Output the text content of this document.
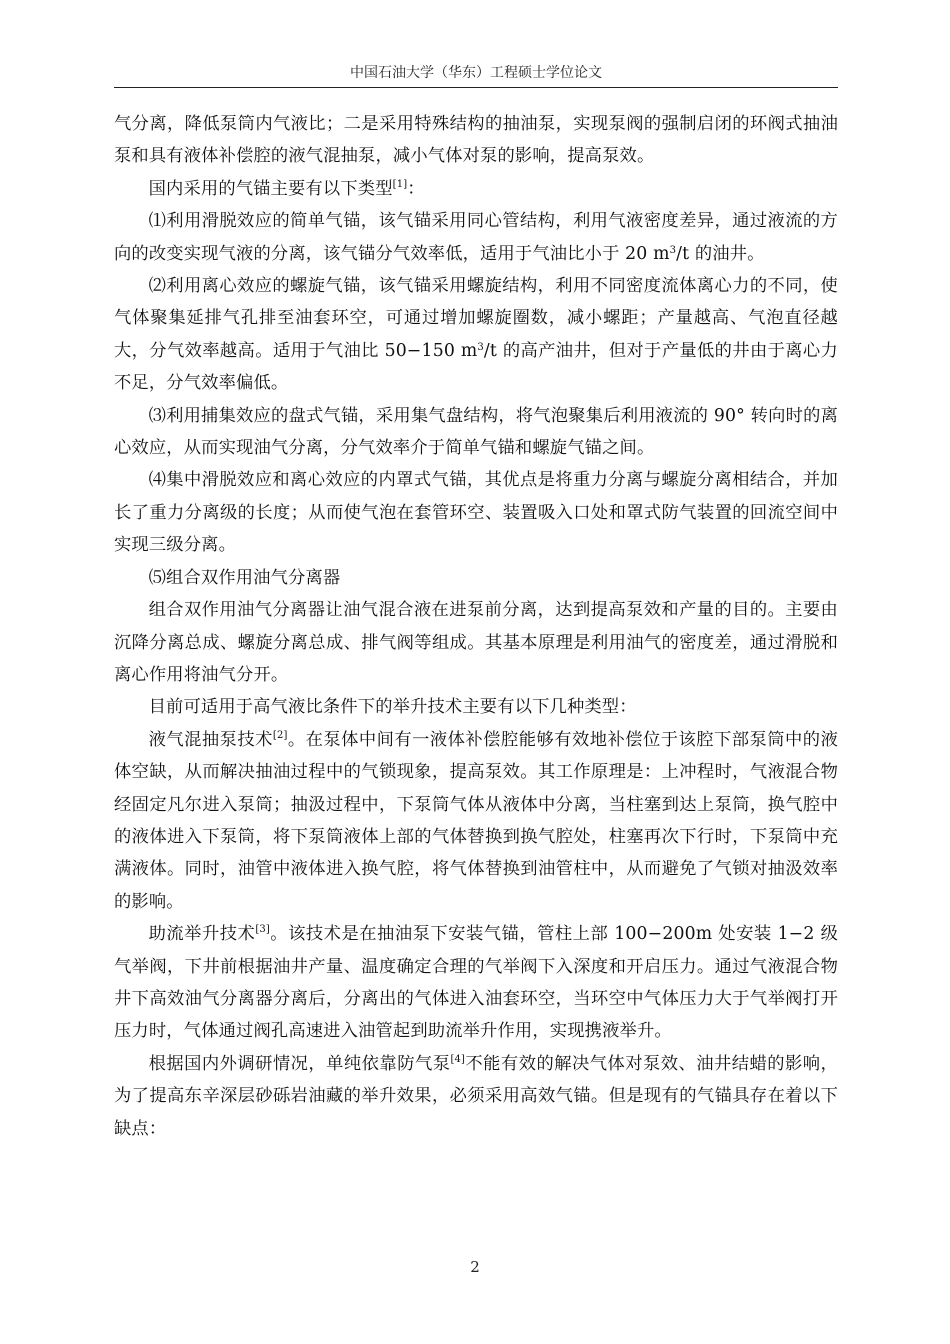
中国石油大学（华东）工程硕士学位论文

气分离，降低泵筒内气液比；二是采用特殊结构的抽油泵，实现泵阀的强制启闭的环阀式抽油泵和具有液体补偿腔的液气混抽泵，减小气体对泵的影响，提高泵效。

国内采用的气锚主要有以下类型[1]：

⑴利用滑脱效应的简单气锚，该气锚采用同心管结构，利用气液密度差异，通过液流的方向的改变实现气液的分离，该气锚分气效率低，适用于气油比小于 20 $m^3/t$ 的油井。

⑵利用离心效应的螺旋气锚，该气锚采用螺旋结构，利用不同密度流体离心力的不同，使气体聚集延排气孔排至油套环空，可通过增加螺旋圈数，减小螺距；产量越高、气泡直径越大，分气效率越高。适用于气油比 50−150 $m^3/t$ 的高产油井，但对于产量低的井由于离心力不足，分气效率偏低。

⑶利用捕集效应的盘式气锚，采用集气盘结构，将气泡聚集后利用液流的 90° 转向时的离心效应，从而实现油气分离，分气效率介于简单气锚和螺旋气锚之间。

⑷集中滑脱效应和离心效应的内罩式气锚，其优点是将重力分离与螺旋分离相结合，并加长了重力分离级的长度；从而使气泡在套管环空、装置吸入口处和罩式防气装置的回流空间中实现三级分离。

⑸组合双作用油气分离器

组合双作用油气分离器让油气混合液在进泵前分离，达到提高泵效和产量的目的。主要由沉降分离总成、螺旋分离总成、排气阀等组成。其基本原理是利用油气的密度差，通过滑脱和离心作用将油气分开。

目前可适用于高气液比条件下的举升技术主要有以下几种类型：

液气混抽泵技术[2]。在泵体中间有一液体补偿腔能够有效地补偿位于该腔下部泵筒中的液体空缺，从而解决抽油过程中的气锁现象，提高泵效。其工作原理是：上冲程时，气液混合物经固定凡尔进入泵筒；抽汲过程中，下泵筒气体从液体中分离，当柱塞到达上泵筒，换气腔中的液体进入下泵筒，将下泵筒液体上部的气体替换到换气腔处，柱塞再次下行时，下泵筒中充满液体。同时，油管中液体进入换气腔，将气体替换到油管柱中，从而避免了气锁对抽汲效率的影响。

助流举升技术[3]。该技术是在抽油泵下安装气锚，管柱上部 100−200m 处安装 1−2 级气举阀，下井前根据油井产量、温度确定合理的气举阀下入深度和开启压力。通过气液混合物井下高效油气分离器分离后，分离出的气体进入油套环空，当环空中气体压力大于气举阀打开压力时，气体通过阀孔高速进入油管起到助流举升作用，实现携液举升。

根据国内外调研情况，单纯依靠防气泵[4]不能有效的解决气体对泵效、油井结蜡的影响，为了提高东辛深层砂砾岩油藏的举升效果，必须采用高效气锚。但是现有的气锚具存在着以下缺点：

2
